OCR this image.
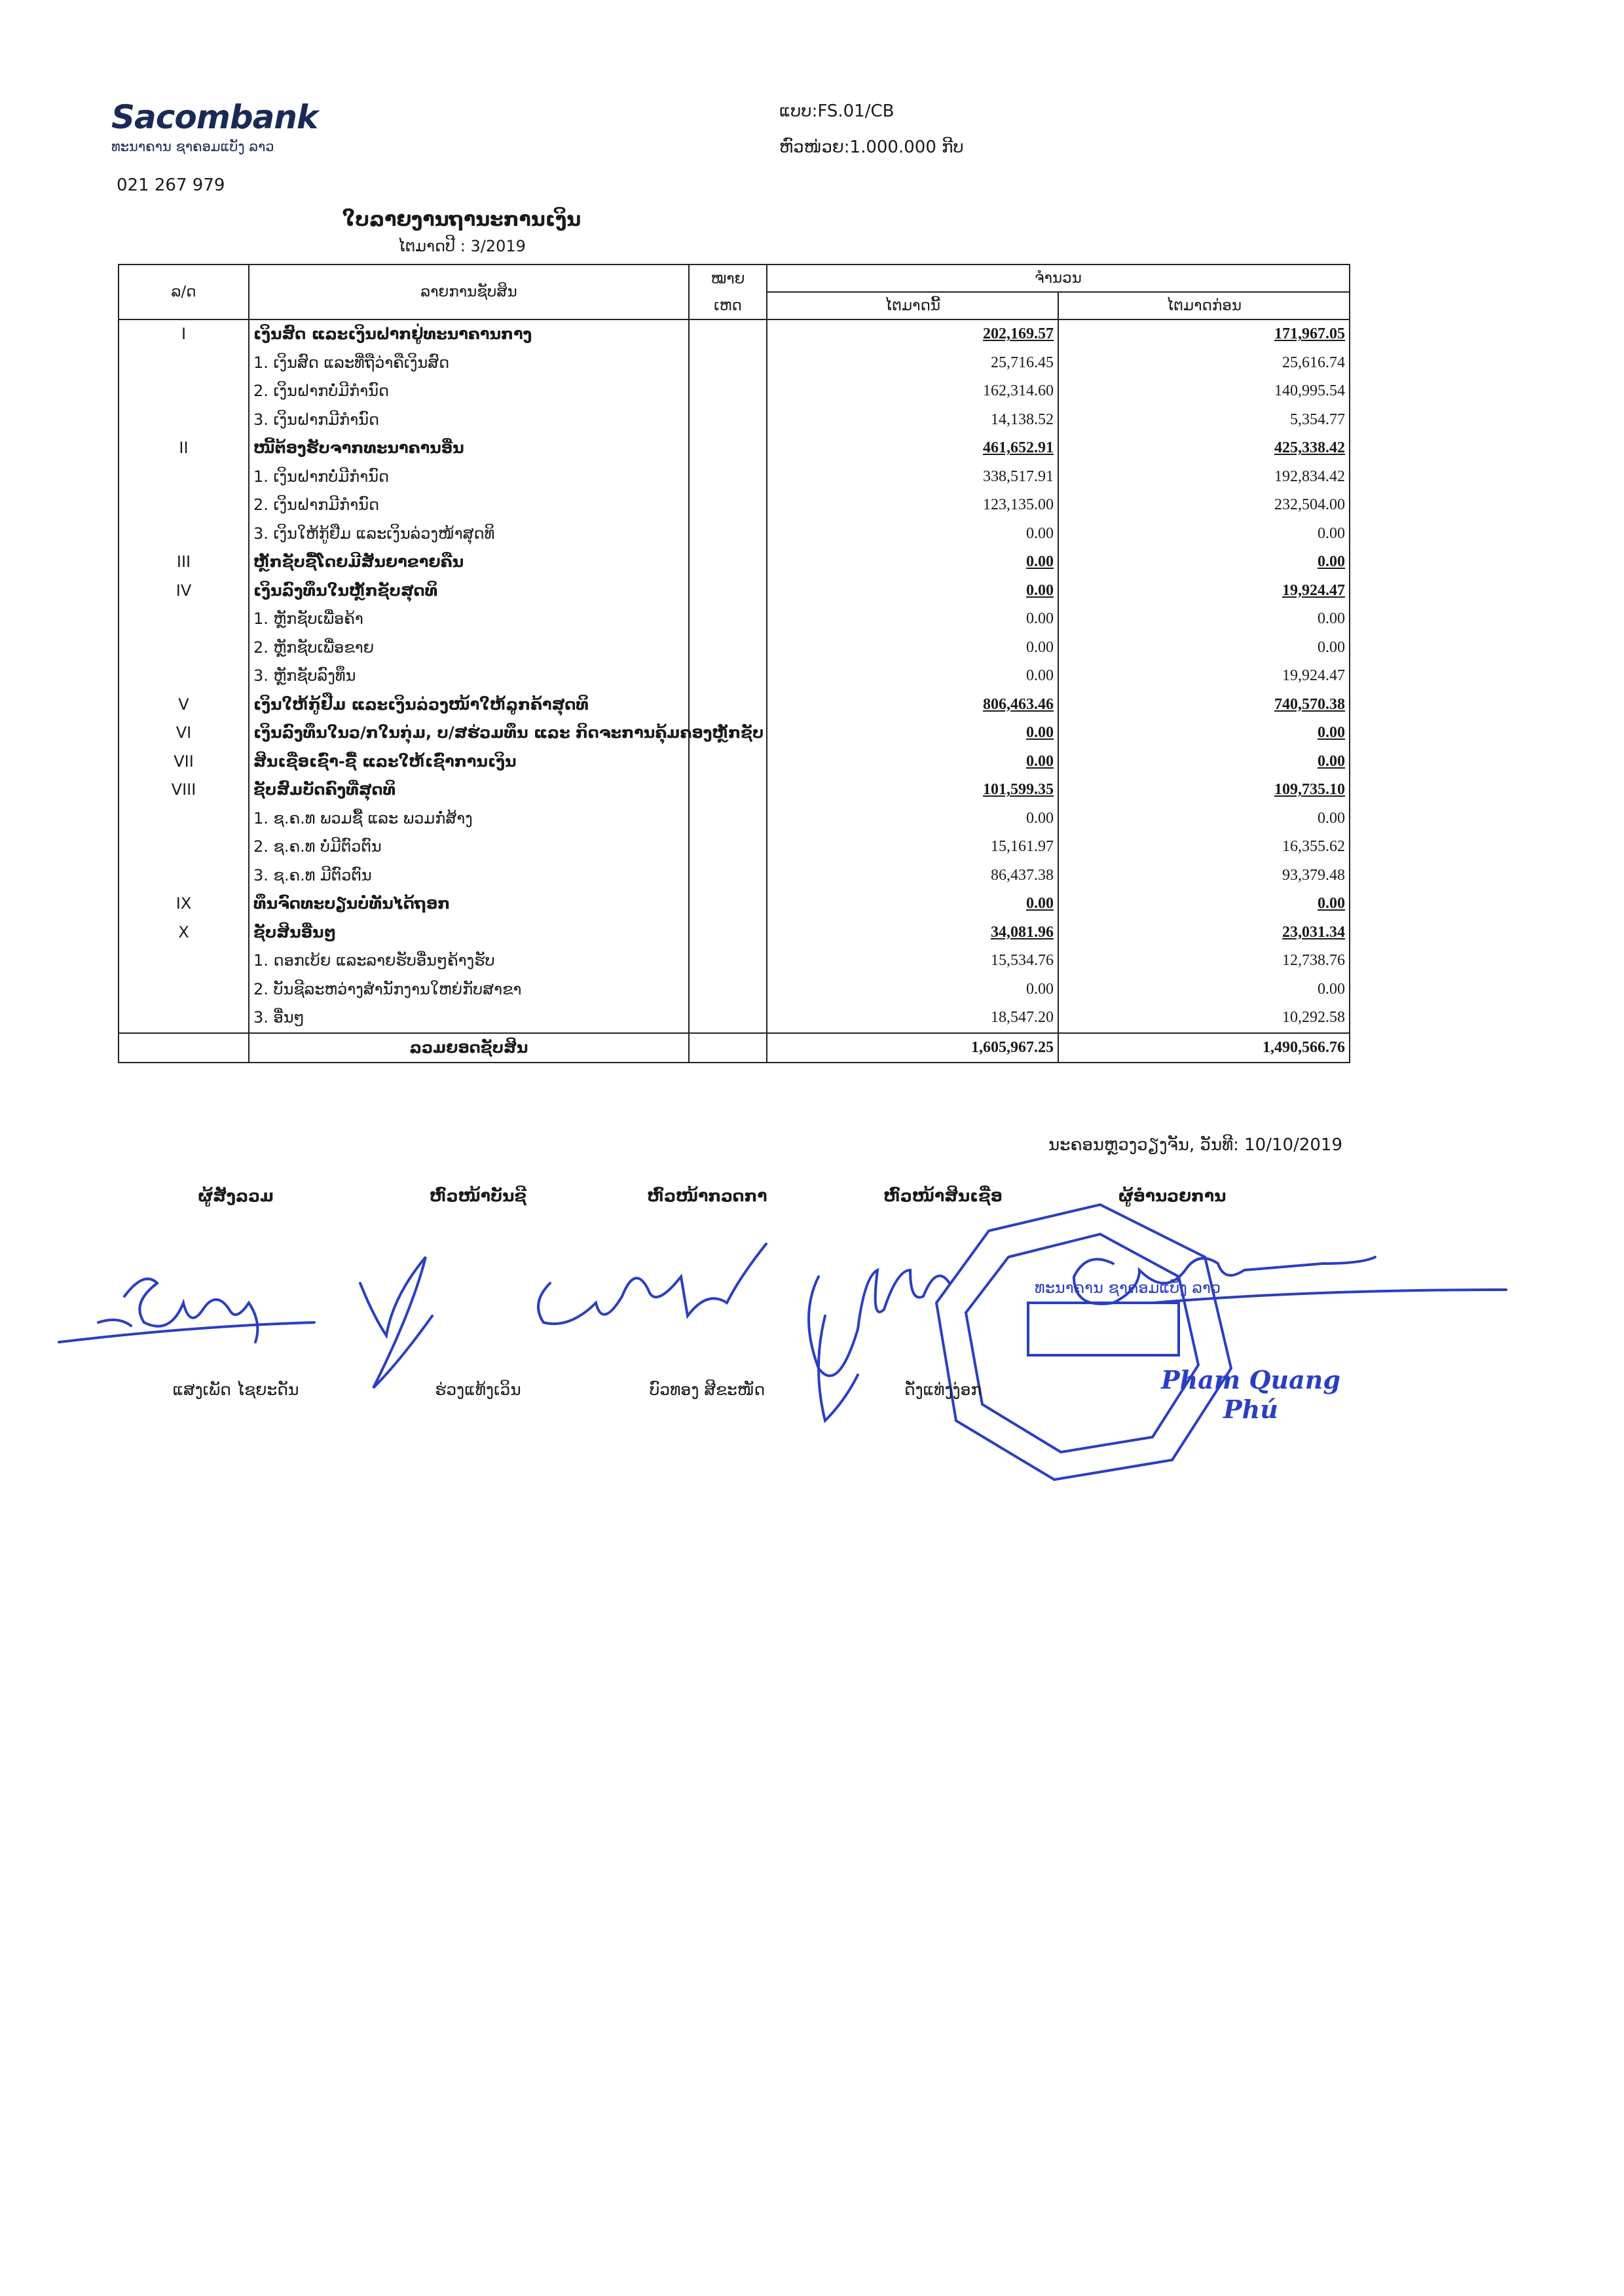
Sacombank
ທະນາຄານ ຊາຄອມແບັງ ລາວ
021 267 979
ແບບ:FS.01/CB
ຫົວໜ່ວຍ:1.000.000 ກີບ
ໃບລາຍງານຖານະການເງິນ
ໄຕມາດປີ : 3/2019
ລ/ດ	ລາຍການຊັບສິນ	ໝາຍ	ຈຳນວນ	
		ເຫດ	ໄຕມາດນີ້	ໄຕມາດກ່ອນ
I	ເງິນສົດ ແລະເງິນຝາກຢູ່ທະນາຄານກາງ		202,169.57	171,967.05
	1. ເງິນສົດ ແລະທີ່ຖືວ່າຄືເງິນສົດ		25,716.45	25,616.74
	2. ເງິນຝາກບໍ່ມີກຳນົດ		162,314.60	140,995.54
	3. ເງິນຝາກມີກຳນົດ		14,138.52	5,354.77
II	ໜີ້ຕ້ອງຮັບຈາກທະນາຄານອື່ນ		461,652.91	425,338.42
	1. ເງິນຝາກບໍ່ມີກຳນົດ		338,517.91	192,834.42
	2. ເງິນຝາກມີກຳນົດ		123,135.00	232,504.00
	3. ເງິນໃຫ້ກູ້ຢືມ ແລະເງິນລ່ວງໜ້າສຸດທິ		0.00	0.00
III	ຫຼັກຊັບຊື້ໂດຍມີສັນຍາຂາຍຄືນ		0.00	0.00
IV	ເງິນລົງທຶນໃນຫຼັກຊັບສຸດທິ		0.00	19,924.47
	1. ຫຼັກຊັບເພື່ອຄ້າ		0.00	0.00
	2. ຫຼັກຊັບເພື່ອຂາຍ		0.00	0.00
	3. ຫຼັກຊັບລົງທຶນ		0.00	19,924.47
V	ເງິນໃຫ້ກູ້ຢືມ ແລະເງິນລ່ວງໜ້າໃຫ້ລູກຄ້າສຸດທິ		806,463.46	740,570.38
VI	ເງິນລົງທຶນໃນວ/ກໃນກຸ່ມ, ບ/ສຮ່ວມທຶນ ແລະ ກິດຈະການຄຸ້ມຄອງຫຼັກຊັບ		0.00	0.00
VII	ສິນເຊື່ອເຊົ່າ-ຊື້ ແລະໃຫ້ເຊົ່າການເງິນ		0.00	0.00
VIII	ຊັບສົມບັດຄົງທີ່ສຸດທິ		101,599.35	109,735.10
	1. ຊ.ຄ.ທ ພວມຊື້ ແລະ ພວມກໍ່ສ້າງ		0.00	0.00
	2. ຊ.ຄ.ທ ບໍ່ມີຕົວຕົນ		15,161.97	16,355.62
	3. ຊ.ຄ.ທ ມີຕົວຕົນ		86,437.38	93,379.48
IX	ທຶນຈົດທະບຽນບໍ່ທັນໄດ້ຖອກ		0.00	0.00
X	ຊັບສິນອື່ນໆ		34,081.96	23,031.34
	1. ດອກເບ້ຍ ແລະລາຍຮັບອື່ນໆຄ້າງຮັບ		15,534.76	12,738.76
	2. ບັນຊີລະຫວ່າງສຳນັກງານໃຫຍ່ກັບສາຂາ		0.00	0.00
	3. ອື່ນໆ		18,547.20	10,292.58
	ລວມຍອດຊັບສິນ		1,605,967.25	1,490,566.76
ນະຄອນຫຼວງວຽງຈັນ, ວັນທີ: 10/10/2019
ຜູ້ສັງລວມ	ຫົວໜ້າບັນຊີ	ຫົວໜ້າກວດກາ	ຫົວໜ້າສິນເຊື່ອ	ຜູ້ອຳນວຍການ
ທະນາຄານ ຊາຄອມແບັງ ລາວ
ແສງເພັດ ໄຊຍະດັນ	ຮ່ວງແທ້ງເວິນ	ບົວທອງ ສີຂະໜັດ	ດັ່ງແທ່ງງ່ອກ	Pham Quang Phú
